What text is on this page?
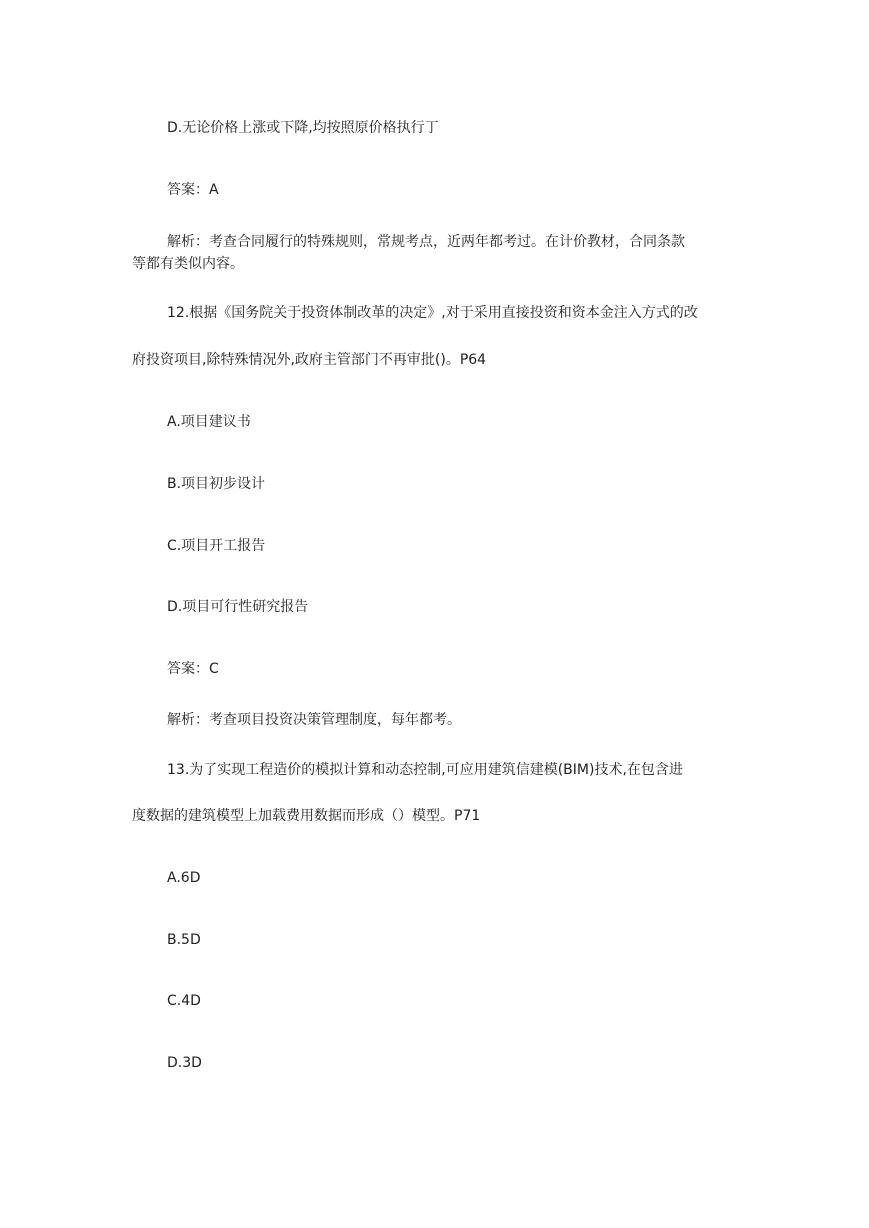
D.无论价格上涨或下降,均按照原价格执行丁

答案：A

解析：考查合同履行的特殊规则，常规考点，近两年都考过。在计价教材，合同条款

等都有类似内容。

12.根据《国务院关于投资体制改革的决定》,对于采用直接投资和资本金注入方式的改

府投资项目,除特殊情况外,政府主管部门不再审批()。P64

A.项目建议书

B.项目初步设计

C.项目开工报告

D.项目可行性研究报告

答案：C

解析：考查项目投资决策管理制度，每年都考。

13.为了实现工程造价的模拟计算和动态控制,可应用建筑信建模(BIM)技术,在包含进

度数据的建筑模型上加载费用数据而形成（）模型。P71

A.6D

B.5D

C.4D

D.3D
